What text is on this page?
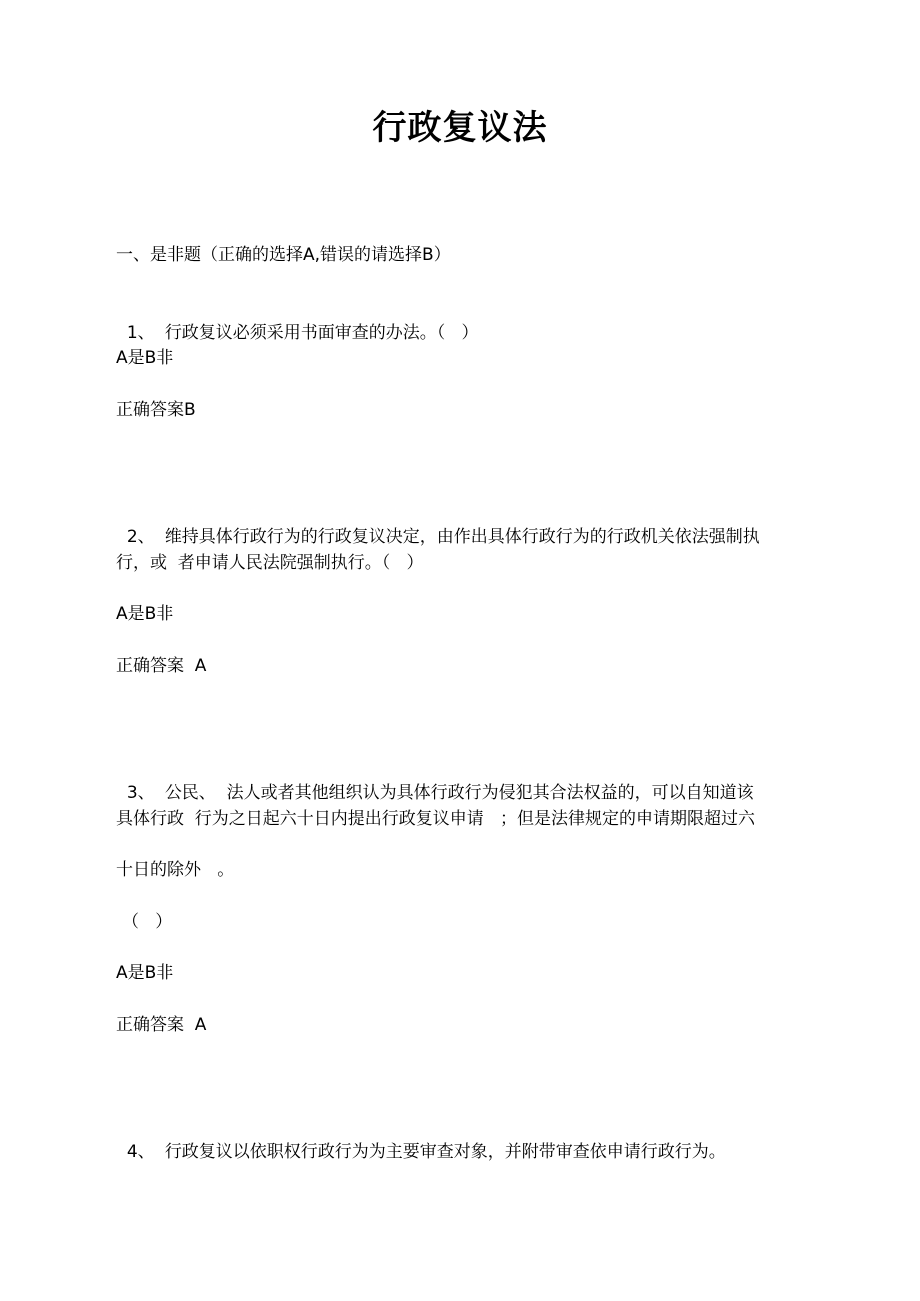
行政复议法
一、是非题（正确的选择A,错误的请选择B）

1、 行政复议必须采用书面审查的办法。（   ）

A是B非
正确答案B

2、 维持具体行政行为的行政复议决定，由作出具体行政行为的行政机关依法强制执

行，或  者申请人民法院强制执行。（   ）
A是B非
正确答案  A

3、 公民、  法人或者其他组织认为具体行政行为侵犯其合法权益的，可以自知道该

具体行政  行为之日起六十日内提出行政复议申请   ；但是法律规定的申请期限超过六
十日的除外   。
（   ）
A是B非
正确答案  A

4、 行政复议以依职权行政行为为主要审查对象，并附带审查依申请行政行为。
